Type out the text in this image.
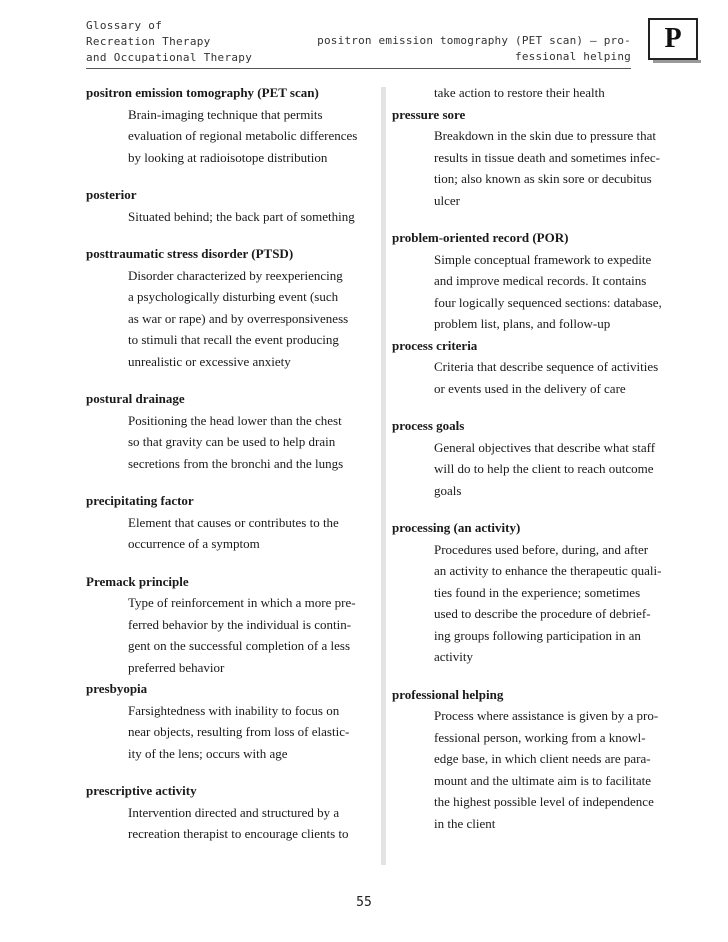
Glossary of
Recreation Therapy
and Occupational Therapy
positron emission tomography (PET scan) — pro-
fessional helping
P
positron emission tomography (PET scan)
Brain-imaging technique that permits
evaluation of regional metabolic differences
by looking at radioisotope distribution
posterior
Situated behind; the back part of something
posttraumatic stress disorder (PTSD)
Disorder characterized by reexperiencing
a psychologically disturbing event (such
as war or rape) and by overresponsiveness
to stimuli that recall the event producing
unrealistic or excessive anxiety
postural drainage
Positioning the head lower than the chest
so that gravity can be used to help drain
secretions from the bronchi and the lungs
precipitating factor
Element that causes or contributes to the
occurrence of a symptom
Premack principle
Type of reinforcement in which a more pre-
ferred behavior by the individual is contin-
gent on the successful completion of a less
preferred behavior
presbyopia
Farsightedness with inability to focus on
near objects, resulting from loss of elastic-
ity of the lens; occurs with age
prescriptive activity
Intervention directed and structured by a
recreation therapist to encourage clients to
take action to restore their health
pressure sore
Breakdown in the skin due to pressure that
results in tissue death and sometimes infec-
tion; also known as skin sore or decubitus
ulcer
problem-oriented record (POR)
Simple conceptual framework to expedite
and improve medical records. It contains
four logically sequenced sections: database,
problem list, plans, and follow-up
process criteria
Criteria that describe sequence of activities
or events used in the delivery of care
process goals
General objectives that describe what staff
will do to help the client to reach outcome
goals
processing (an activity)
Procedures used before, during, and after
an activity to enhance the therapeutic quali-
ties found in the experience; sometimes
used to describe the procedure of debrief-
ing groups following participation in an
activity
professional helping
Process where assistance is given by a pro-
fessional person, working from a knowl-
edge base, in which client needs are para-
mount and the ultimate aim is to facilitate
the highest possible level of independence
in the client
55
